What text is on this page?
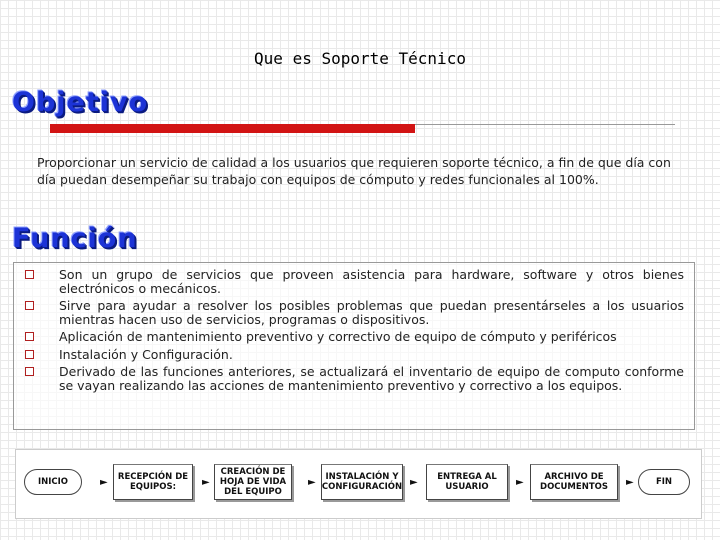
Que es Soporte Técnico
Objetivo

Proporcionar un servicio de calidad a los usuarios que requieren soporte técnico, a fin de que día con día puedan desempeñar su trabajo con equipos de cómputo y redes funcionales al 100%.

Función
Son un grupo de servicios que proveen asistencia para hardware, software y otros bienes electrónicos o mecánicos.
Sirve para ayudar a resolver los posibles problemas que puedan presentárseles a los usuarios mientras hacen uso de servicios, programas o dispositivos.
Aplicación de mantenimiento preventivo y correctivo de equipo de cómputo y periféricos
Instalación y Configuración.
Derivado de las funciones anteriores, se actualizará el inventario de equipo de computo conforme se vayan realizando las acciones de mantenimiento preventivo y correctivo a los equipos.
INICIO	►	RECEPCIÓN DE EQUIPOS:	►
CREACIÓN DE HOJA DE VIDA DEL EQUIPO
►	INSTALACIÓN Y CONFIGURACIÓN ►	ENTREGA AL USUARIO	►	ARCHIVO DE DOCUMENTOS	►	FIN
